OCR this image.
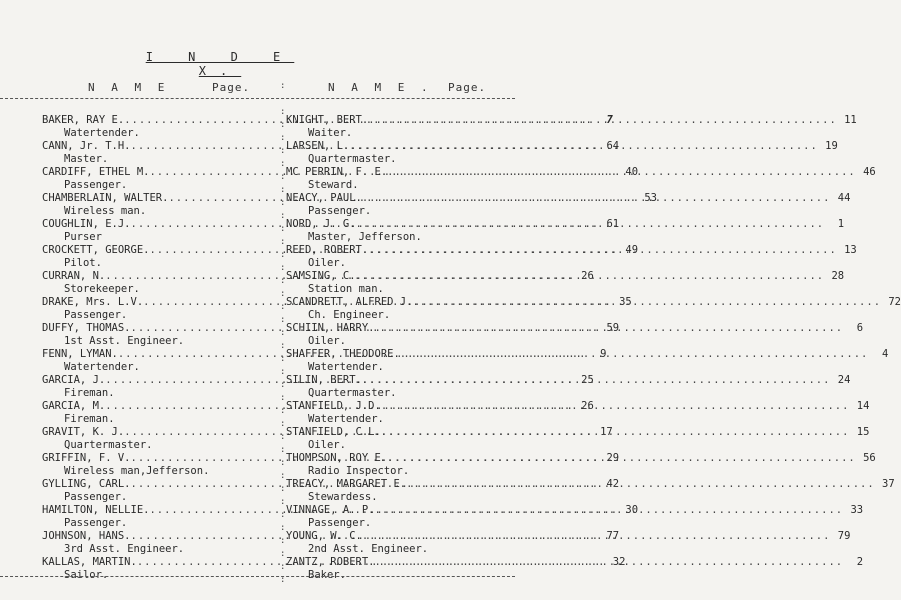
I N D E X.
N A M E	Page.	N A M E . Page.
:

:
:
:
:
:
:
:
:
:
:
:
:
:
:
:
:
:
:
:
:
:
:
:
:
:
:
:
:
:
:
:
:
:
:
:
:
:
BAKER, RAY E. .....	7
Watertender.
CANN, Jr. T.H. .....	64
Master.
CARDIFF, ETHEL M. .....	40
Passenger.
CHAMBERLAIN, WALTER. .....	53
Wireless man.
COUGHLIN, E.J. .....	61
Purser
CROCKETT, GEORGE. .....	49
Pilot.
CURRAN, N. .....	26
Storekeeper.
DRAKE, Mrs. L.V. .....	35
Passenger.
DUFFY, THOMAS. .....	59
1st Asst. Engineer.
FENN, LYMAN. .....	9
Watertender.
GARCIA, J. .....	25
Fireman.
GARCIA, M. .....	26
Fireman.
GRAVIT, K. J. .....	17
Quartermaster.
GRIFFIN, F. V. .....	29
Wireless man,Jefferson.
GYLLING, CARL. .....	42
Passenger.
HAMILTON, NELLIE. .....	30
Passenger.
JOHNSON, HANS. .....	77
3rd Asst. Engineer.
KALLAS, MARTIN. .....	32
Sailor.
KNIGHT, BERT. .....	11
Waiter.
LARSEN, L. .....	19
Quartermaster.
MC PERRIN, F. E. .....	46
Steward.
NEACY, PAUL. .....	44
Passenger.
NORD, J. G. .....	1
Master, Jefferson.
REED, ROBERT. .....	13
Oiler.
SAMSING, C. .....	28
Station man.
SCANDRETT, ALFRED J. .....	72
Ch. Engineer.
SCHIIN, HARRY. .....	6
Oiler.
SHAFFER, THEODORE. .....	4
Watertender.
SILIN, BERT. .....	24
Quartermaster.
STANFIELD, J.D. .....	14
Watertender.
STANFIELD, C.L. .....	15
Oiler.
THOMPSON, ROY E. .....	56
Radio Inspector.
TREACY, MARGARET E. .....	37
Stewardess.
VINNAGE, A. P. .....	33
Passenger.
YOUNG, W. C. .....	79
2nd Asst. Engineer.
ZANTZ, ROBERT. .....	2
Baker.
